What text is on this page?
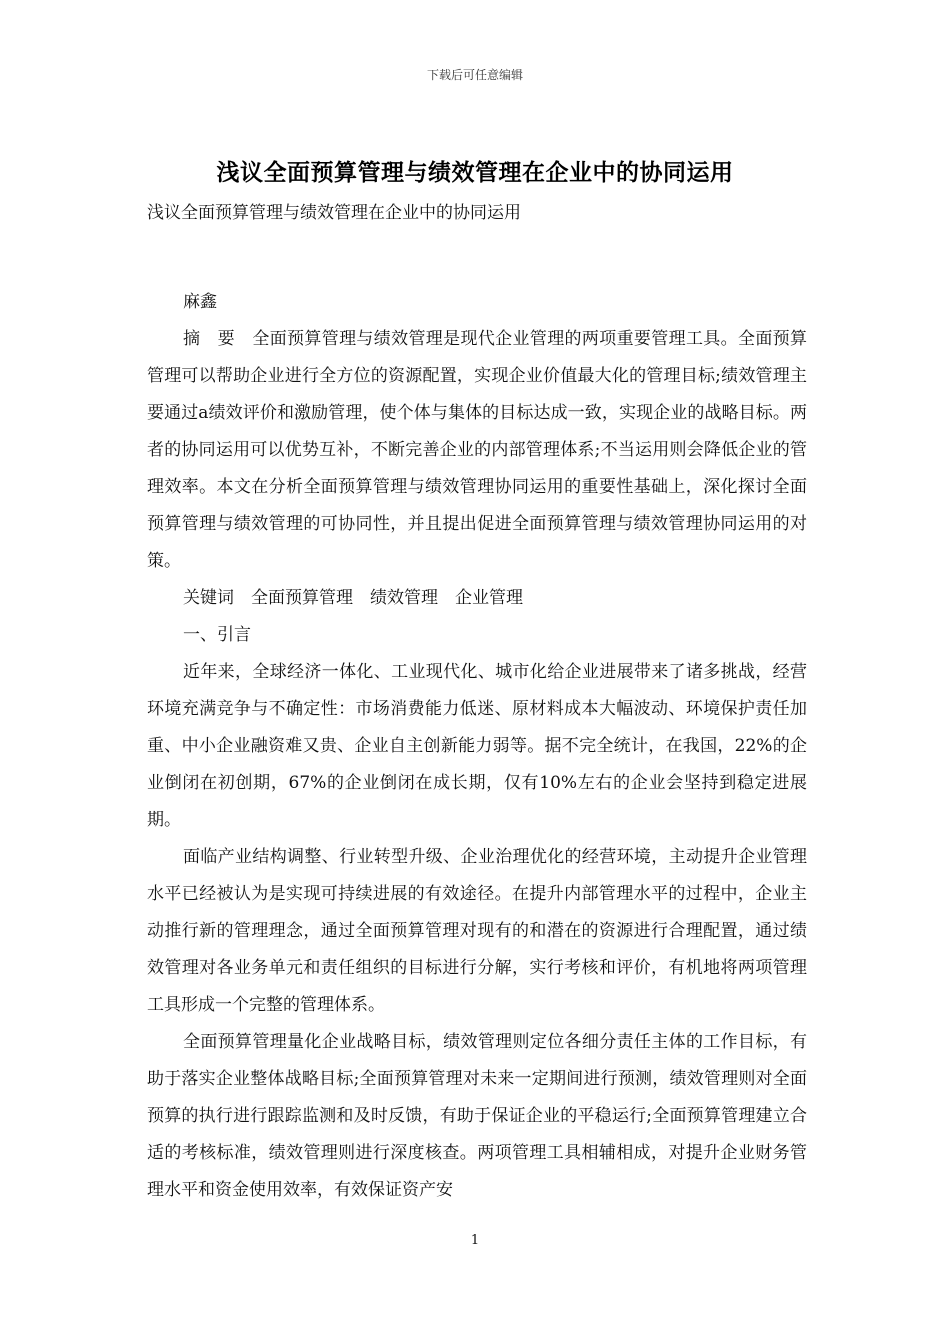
下载后可任意编辑
浅议全面预算管理与绩效管理在企业中的协同运用

浅议全面预算管理与绩效管理在企业中的协同运用

麻鑫

摘　要　全面预算管理与绩效管理是现代企业管理的两项重要管理工具。全面预算管理可以帮助企业进行全方位的资源配置，实现企业价值最大化的管理目标;绩效管理主要通过a绩效评价和激励管理，使个体与集体的目标达成一致，实现企业的战略目标。两者的协同运用可以优势互补，不断完善企业的内部管理体系;不当运用则会降低企业的管理效率。本文在分析全面预算管理与绩效管理协同运用的重要性基础上，深化探讨全面预算管理与绩效管理的可协同性，并且提出促进全面预算管理与绩效管理协同运用的对策。

关键词　全面预算管理　绩效管理　企业管理

一、引言

近年来，全球经济一体化、工业现代化、城市化给企业进展带来了诸多挑战，经营环境充满竞争与不确定性：市场消费能力低迷、原材料成本大幅波动、环境保护责任加重、中小企业融资难又贵、企业自主创新能力弱等。据不完全统计，在我国，22%的企业倒闭在初创期，67%的企业倒闭在成长期，仅有10%左右的企业会坚持到稳定进展期。

面临产业结构调整、行业转型升级、企业治理优化的经营环境，主动提升企业管理水平已经被认为是实现可持续进展的有效途径。在提升内部管理水平的过程中，企业主动推行新的管理理念，通过全面预算管理对现有的和潜在的资源进行合理配置，通过绩效管理对各业务单元和责任组织的目标进行分解，实行考核和评价，有机地将两项管理工具形成一个完整的管理体系。

全面预算管理量化企业战略目标，绩效管理则定位各细分责任主体的工作目标，有助于落实企业整体战略目标;全面预算管理对未来一定期间进行预测，绩效管理则对全面预算的执行进行跟踪监测和及时反馈，有助于保证企业的平稳运行;全面预算管理建立合适的考核标准，绩效管理则进行深度核查。两项管理工具相辅相成，对提升企业财务管理水平和资金使用效率，有效保证资产安

1
